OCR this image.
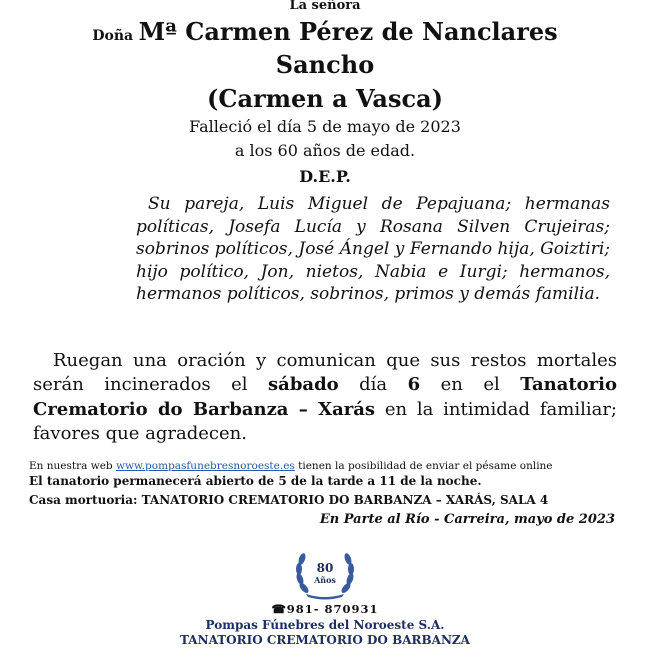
La señora
Doña Mª Carmen Pérez de Nanclares
Sancho
(Carmen a Vasca)
Falleció el día 5 de mayo de 2023
a los 60 años de edad.
D.E.P.
Su pareja, Luis Miguel de Pepajuana; hermanas políticas, Josefa Lucía y Rosana Silven Crujeiras; sobrinos políticos, José Ángel y Fernando hija, Goiztiri; hijo político, Jon, nietos, Nabia e Iurgi; hermanos, hermanos políticos, sobrinos, primos y demás familia.
Ruegan una oración y comunican que sus restos mortales serán incinerados el sábado día 6 en el Tanatorio Crematorio do Barbanza – Xarás en la intimidad familiar; favores que agradecen.
En nuestra web www.pompasfunebresnoroeste.es tienen la posibilidad de enviar el pésame online
El tanatorio permanecerá abierto de 5 de la tarde a 11 de la noche.
Casa mortuoria: TANATORIO CREMATORIO DO BARBANZA – XARÁS, SALA 4
En Parte al Río - Carreira, mayo de 2023
80
Años
☎981- 870931
Pompas Fúnebres del Noroeste S.A.
TANATORIO CREMATORIO DO BARBANZA
